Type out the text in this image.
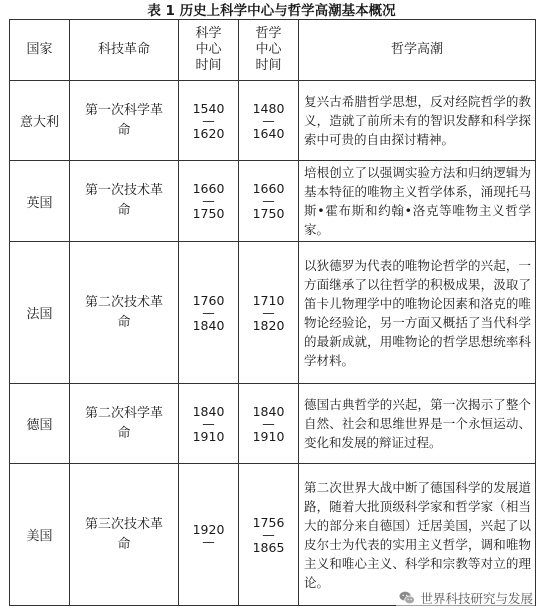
表 1 历史上科学中心与哲学高潮基本概况
国家	科技革命	科学
中心
时间	哲学
中心
时间	哲学高潮
意大利	第一次科学革命	1540
—
1620	1480
—
1640	复兴古希腊哲学思想，反对经院哲学的教义，造就了前所未有的智识发酵和科学探索中可贵的自由探讨精神。
英国	第一次技术革命	1660
—
1750	1660
—
1750	培根创立了以强调实验方法和归纳逻辑为基本特征的唯物主义哲学体系，涌现托马斯•霍布斯和约翰•洛克等唯物主义哲学家。
法国	第二次技术革命	1760
—
1840	1710
—
1820	以狄德罗为代表的唯物论哲学的兴起，一方面继承了以往哲学的积极成果，汲取了笛卡儿物理学中的唯物论因素和洛克的唯物论经验论，另一方面又概括了当代科学的最新成就，用唯物论的哲学思想统率科学材料。
德国	第二次科学革命	1840
—
1910	1840
—
1910	德国古典哲学的兴起，第一次揭示了整个自然、社会和思维世界是一个永恒运动、变化和发展的辩证过程。
美国	第三次技术革命	1920
—	1756
—
1865	第二次世界大战中断了德国科学的发展道路，随着大批顶级科学家和哲学家（相当大的部分来自德国）迁居美国，兴起了以皮尔士为代表的实用主义哲学，调和唯物主义和唯心主义、科学和宗教等对立的理论。
世界科技研究与发展
